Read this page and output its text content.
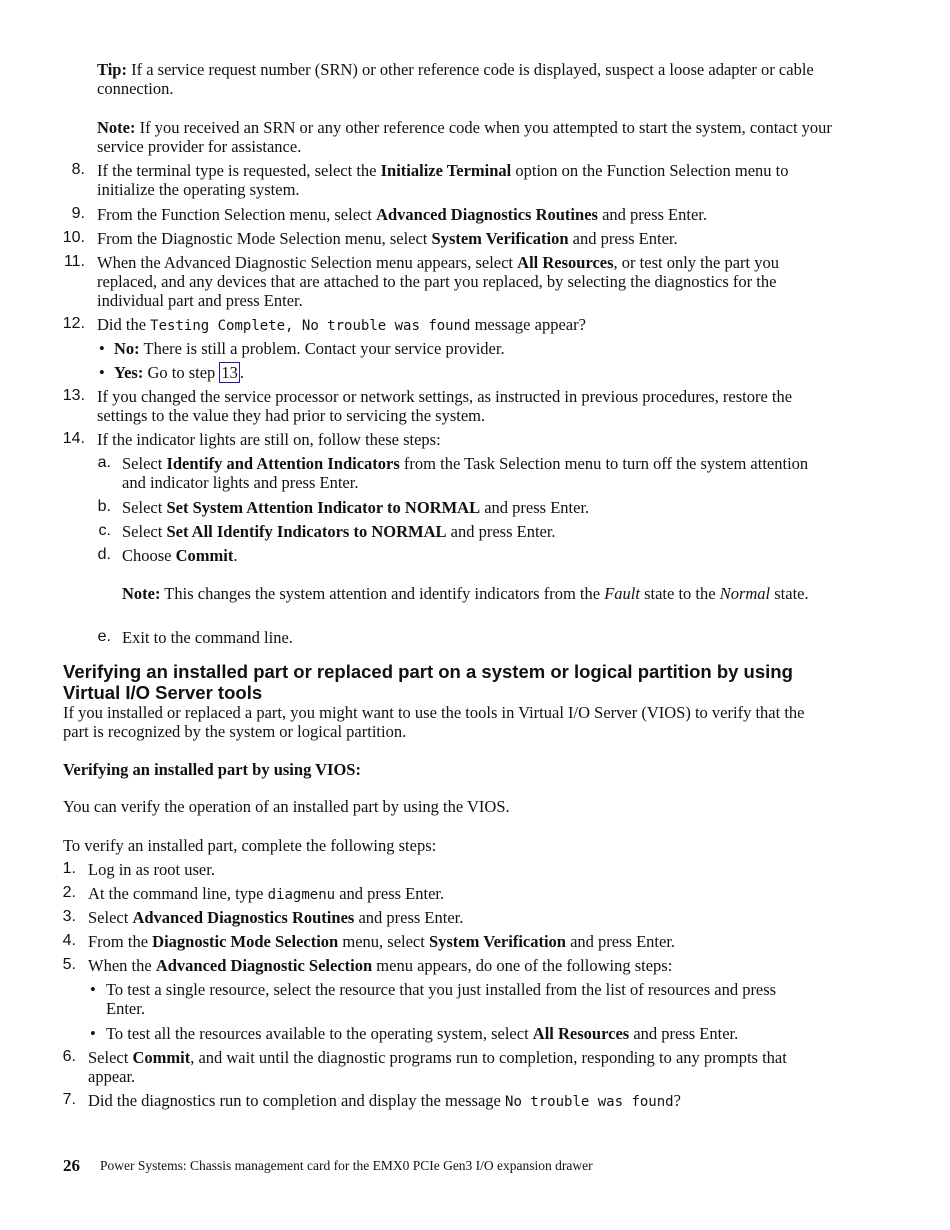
Tip: If a service request number (SRN) or other reference code is displayed, suspect a loose adapter or cable connection.
Note: If you received an SRN or any other reference code when you attempted to start the system, contact your service provider for assistance.
8. If the terminal type is requested, select the Initialize Terminal option on the Function Selection menu to initialize the operating system.
9. From the Function Selection menu, select Advanced Diagnostics Routines and press Enter.
10. From the Diagnostic Mode Selection menu, select System Verification and press Enter.
11. When the Advanced Diagnostic Selection menu appears, select All Resources, or test only the part you replaced, and any devices that are attached to the part you replaced, by selecting the diagnostics for the individual part and press Enter.
12. Did the Testing Complete, No trouble was found message appear?
• No: There is still a problem. Contact your service provider.
• Yes: Go to step 13 .
13. If you changed the service processor or network settings, as instructed in previous procedures, restore the settings to the value they had prior to servicing the system.
14. If the indicator lights are still on, follow these steps:
a. Select Identify and Attention Indicators from the Task Selection menu to turn off the system attention and indicator lights and press Enter.
b. Select Set System Attention Indicator to NORMAL and press Enter.
c. Select Set All Identify Indicators to NORMAL and press Enter.
d. Choose Commit.
Note: This changes the system attention and identify indicators from the Fault state to the Normal state.
e. Exit to the command line.
Verifying an installed part or replaced part on a system or logical partition by using Virtual I/O Server tools
If you installed or replaced a part, you might want to use the tools in Virtual I/O Server (VIOS) to verify that the part is recognized by the system or logical partition.
Verifying an installed part by using VIOS:
You can verify the operation of an installed part by using the VIOS.
To verify an installed part, complete the following steps:
1. Log in as root user.
2. At the command line, type diagmenu and press Enter.
3. Select Advanced Diagnostics Routines and press Enter.
4. From the Diagnostic Mode Selection menu, select System Verification and press Enter.
5. When the Advanced Diagnostic Selection menu appears, do one of the following steps:
• To test a single resource, select the resource that you just installed from the list of resources and press Enter.
• To test all the resources available to the operating system, select All Resources and press Enter.
6. Select Commit, and wait until the diagnostic programs run to completion, responding to any prompts that appear.
7. Did the diagnostics run to completion and display the message No trouble was found?
26 Power Systems: Chassis management card for the EMX0 PCIe Gen3 I/O expansion drawer
